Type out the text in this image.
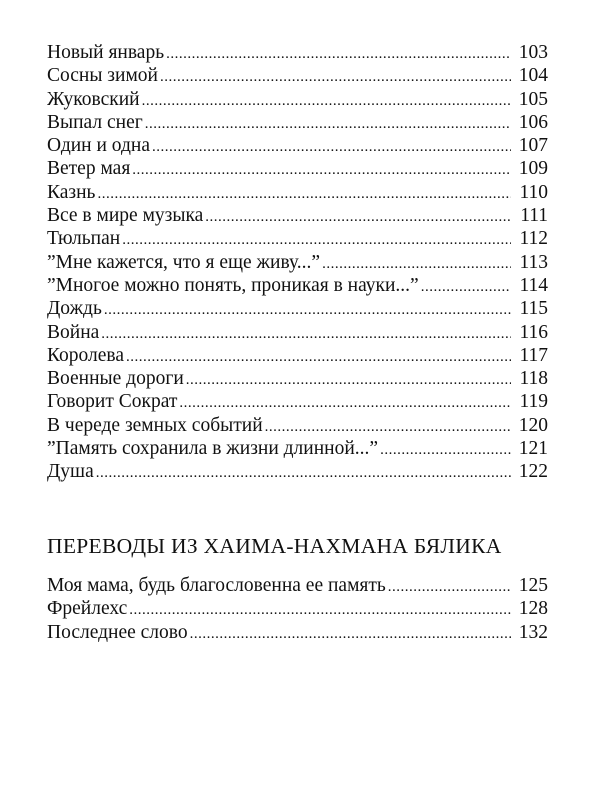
Новый январь .....	103
Сосны зимой .....	104
Жуковский .....	105
Выпал снег .....	106
Один и одна .....	107
Ветер мая .....	109
Казнь .....	110
Все в мире музыка .....	111
Тюльпан .....	112
”Мне кажется, что я еще живу...” .....	113
”Многое можно понять, проникая в науки...” .....	114
Дождь .....	115
Война .....	116
Королева .....	117
Военные дороги .....	118
Говорит Сократ .....	119
В череде земных событий .....	120
”Память сохранила в жизни длинной...” .....	121
Душа .....	122
ПЕРЕВОДЫ ИЗ ХАИМА-НАХМАНА БЯЛИКА
Моя мама, будь благословенна ее память .....	125
Фрейлехс .....	128
Последнее слово .....	132
